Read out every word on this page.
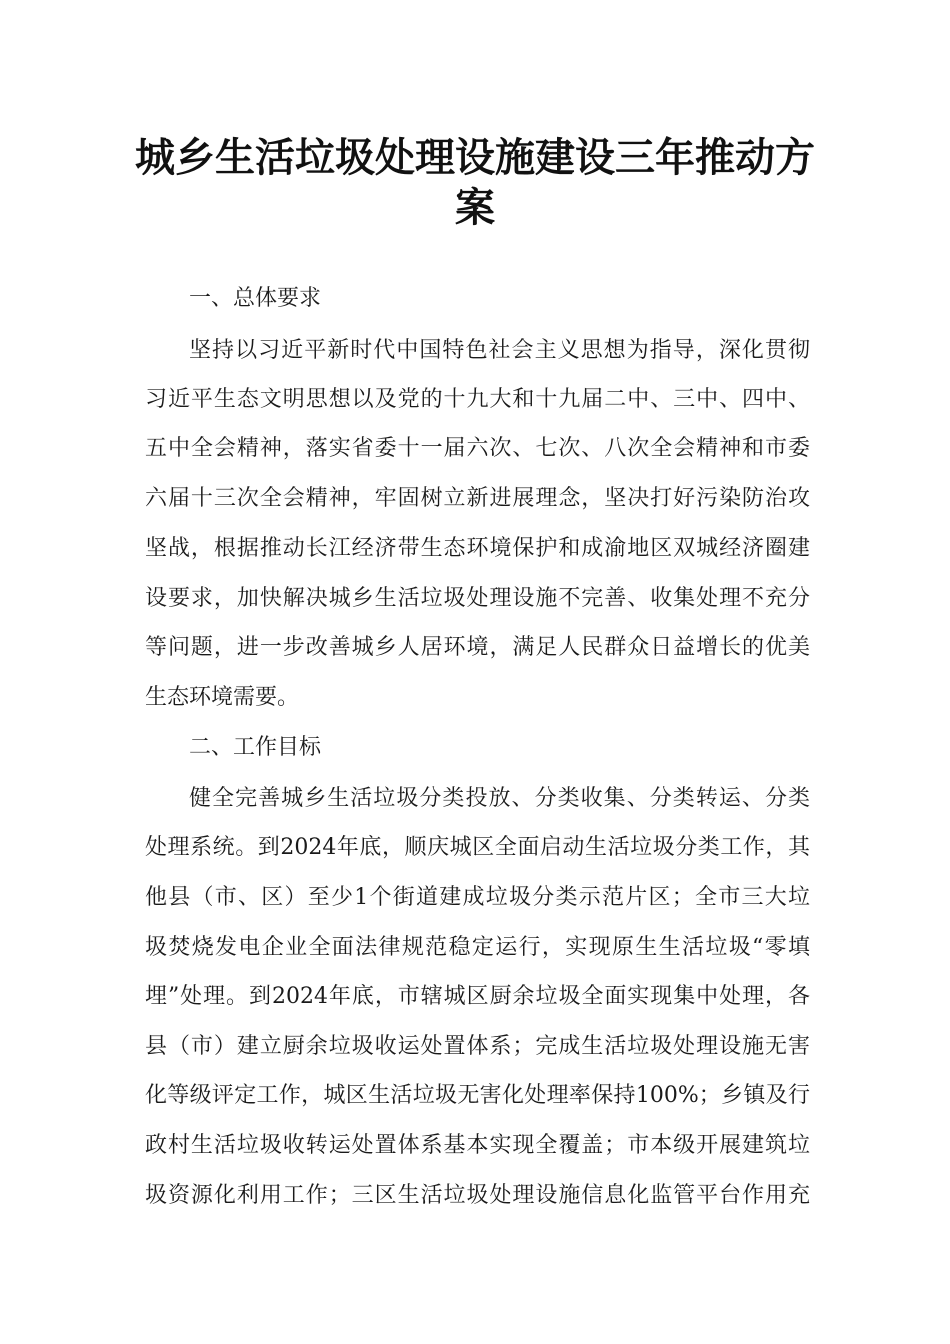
城乡生活垃圾处理设施建设三年推动方
案
一、总体要求
坚持以习近平新时代中国特色社会主义思想为指导，深化贯彻
习近平生态文明思想以及党的十九大和十九届二中、三中、四中、
五中全会精神，落实省委十一届六次、七次、八次全会精神和市委
六届十三次全会精神，牢固树立新进展理念，坚决打好污染防治攻
坚战，根据推动长江经济带生态环境保护和成渝地区双城经济圈建
设要求，加快解决城乡生活垃圾处理设施不完善、收集处理不充分
等问题，进一步改善城乡人居环境，满足人民群众日益增长的优美
生态环境需要。
二、工作目标
健全完善城乡生活垃圾分类投放、分类收集、分类转运、分类
处理系统。到2024年底，顺庆城区全面启动生活垃圾分类工作，其
他县（市、区）至少1个街道建成垃圾分类示范片区；全市三大垃
圾焚烧发电企业全面法律规范稳定运行，实现原生生活垃圾“零填
埋”处理。到2024年底，市辖城区厨余垃圾全面实现集中处理，各
县（市）建立厨余垃圾收运处置体系；完成生活垃圾处理设施无害
化等级评定工作，城区生活垃圾无害化处理率保持100%；乡镇及行
政村生活垃圾收转运处置体系基本实现全覆盖；市本级开展建筑垃
圾资源化利用工作；三区生活垃圾处理设施信息化监管平台作用充
